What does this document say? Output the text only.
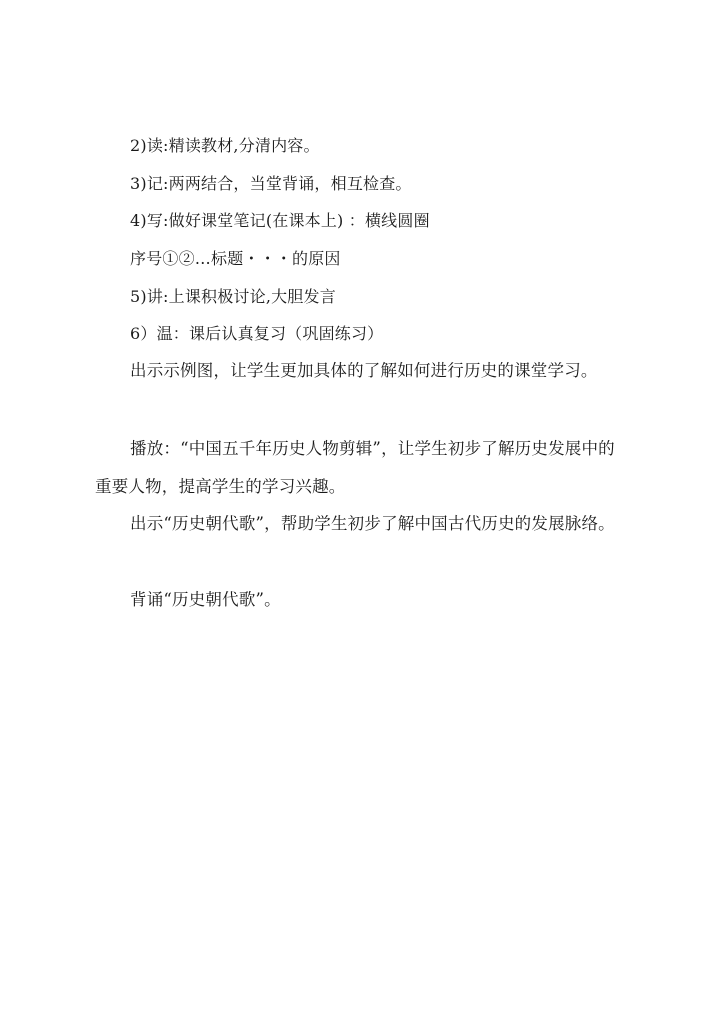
2)读:精读教材,分清内容。
3)记:两两结合，当堂背诵，相互检查。
4)写:做好课堂笔记(在课本上) ：横线圆圈
序号①②…标题・・・的原因
5)讲:上课积极讨论,大胆发言
6）温：课后认真复习（巩固练习）
出示示例图，让学生更加具体的了解如何进行历史的课堂学习。
播放：“中国五千年历史人物剪辑”，让学生初步了解历史发展中的
重要人物，提高学生的学习兴趣。
出示“历史朝代歌”，帮助学生初步了解中国古代历史的发展脉络。
背诵“历史朝代歌”。
